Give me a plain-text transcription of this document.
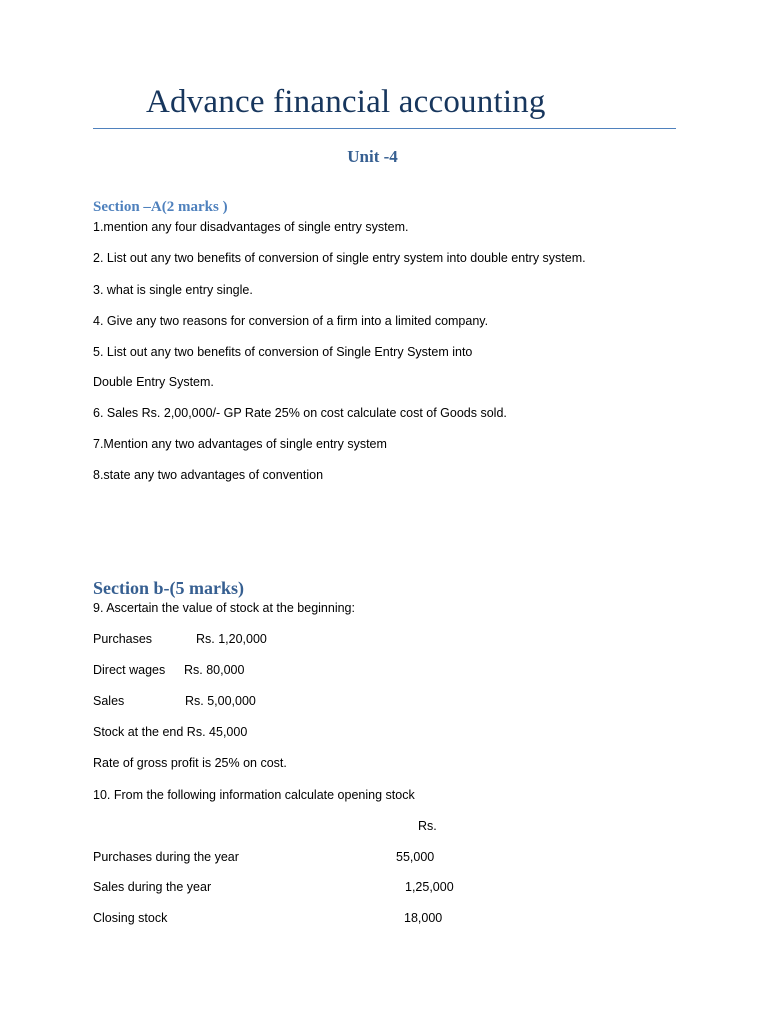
Advance financial accounting
Unit -4
Section –A(2 marks )
1.mention any four disadvantages of single entry system.
2. List out any two benefits of conversion of single entry system into double entry system.
3. what is single entry single.
4. Give any two reasons for conversion of a firm into a limited company.
5. List out any two benefits of conversion of Single Entry System into
Double Entry System.
6. Sales Rs. 2,00,000/- GP Rate 25% on cost calculate cost of Goods sold.
7.Mention any two advantages of single entry system
8.state any two advantages of convention
Section b-(5 marks)
9. Ascertain the value of stock at the beginning:
Purchases	Rs. 1,20,000
Direct wages Rs. 80,000
Sales	Rs. 5,00,000
Stock at the end Rs. 45,000
Rate of gross profit is 25% on cost.
10. From the following information calculate opening stock
Rs.
Purchases during the year	55,000
Sales during the year	1,25,000
Closing stock	18,000
